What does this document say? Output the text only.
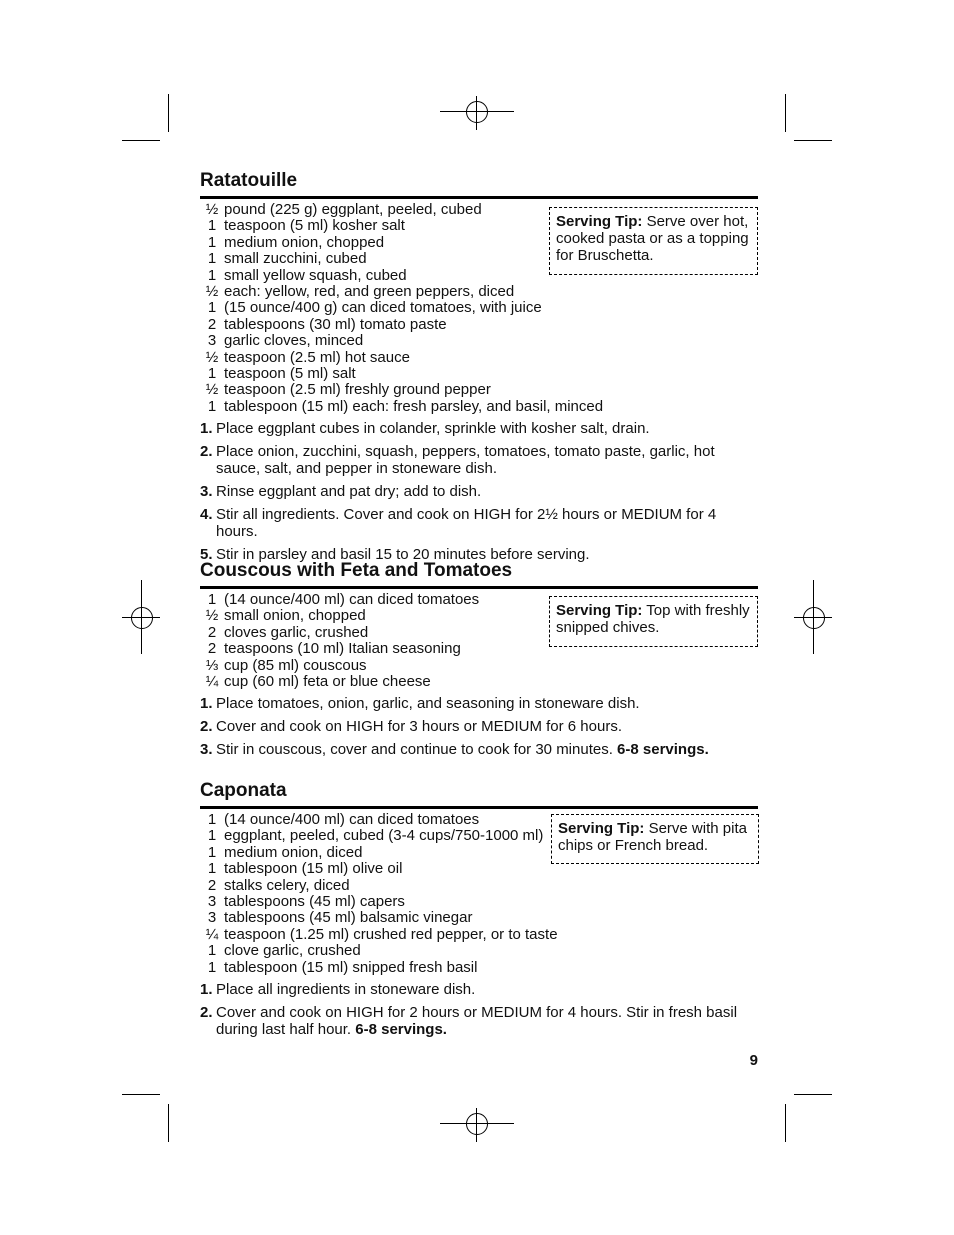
Ratatouille
½ pound (225 g) eggplant, peeled, cubed
1 teaspoon (5 ml) kosher salt
1 medium onion, chopped
1 small zucchini, cubed
1 small yellow squash, cubed
½ each: yellow, red, and green peppers, diced
1 (15 ounce/400 g) can diced tomatoes, with juice
2 tablespoons (30 ml) tomato paste
3 garlic cloves, minced
½ teaspoon (2.5 ml) hot sauce
1 teaspoon (5 ml) salt
½ teaspoon (2.5 ml) freshly ground pepper
1 tablespoon (15 ml) each: fresh parsley, and basil, minced
1. Place eggplant cubes in colander, sprinkle with kosher salt, drain.
2. Place onion, zucchini, squash, peppers, tomatoes, tomato paste, garlic, hot sauce, salt, and pepper in stoneware dish.
3. Rinse eggplant and pat dry; add to dish.
4. Stir all ingredients. Cover and cook on HIGH for 2½ hours or MEDIUM for 4 hours.
5. Stir in parsley and basil 15 to 20 minutes before serving.
Serving Tip: Serve over hot, cooked pasta or as a topping for Bruschetta.
Couscous with Feta and Tomatoes
1 (14 ounce/400 ml) can diced tomatoes
½ small onion, chopped
2 cloves garlic, crushed
2 teaspoons (10 ml) Italian seasoning
⅓ cup (85 ml) couscous
¼ cup (60 ml) feta or blue cheese
1. Place tomatoes, onion, garlic, and seasoning in stoneware dish.
2. Cover and cook on HIGH for 3 hours or MEDIUM for 6 hours.
3. Stir in couscous, cover and continue to cook for 30 minutes. 6-8 servings.
Serving Tip: Top with freshly snipped chives.
Caponata
1 (14 ounce/400 ml) can diced tomatoes
1 eggplant, peeled, cubed (3-4 cups/750-1000 ml)
1 medium onion, diced
1 tablespoon (15 ml) olive oil
2 stalks celery, diced
3 tablespoons (45 ml) capers
3 tablespoons (45 ml) balsamic vinegar
¼ teaspoon (1.25 ml) crushed red pepper, or to taste
1 clove garlic, crushed
1 tablespoon (15 ml) snipped fresh basil
1. Place all ingredients in stoneware dish.
2. Cover and cook on HIGH for 2 hours or MEDIUM for 4 hours. Stir in fresh basil during last half hour. 6-8 servings.
Serving Tip: Serve with pita chips or French bread.
9
